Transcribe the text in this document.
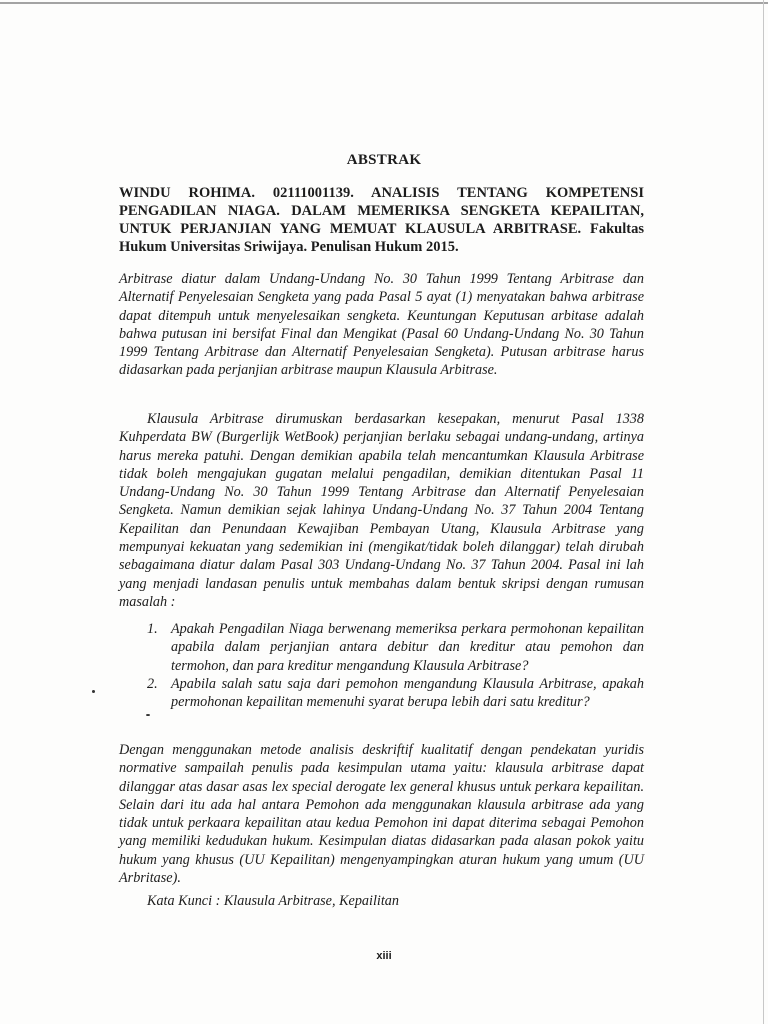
ABSTRAK
WINDU ROHIMA. 02111001139. ANALISIS TENTANG KOMPETENSI PENGADILAN NIAGA. DALAM MEMERIKSA SENGKETA KEPAILITAN, UNTUK PERJANJIAN YANG MEMUAT KLAUSULA ARBITRASE. Fakultas Hukum Universitas Sriwijaya. Penulisan Hukum 2015.

Arbitrase diatur dalam Undang-Undang No. 30 Tahun 1999 Tentang Arbitrase dan Alternatif Penyelesaian Sengketa yang pada Pasal 5 ayat (1) menyatakan bahwa arbitrase dapat ditempuh untuk menyelesaikan sengketa. Keuntungan Keputusan arbitase adalah bahwa putusan ini bersifat Final dan Mengikat (Pasal 60 Undang-Undang No. 30 Tahun 1999 Tentang Arbitrase dan Alternatif Penyelesaian Sengketa). Putusan arbitrase harus didasarkan pada perjanjian arbitrase maupun Klausula Arbitrase.

Klausula Arbitrase dirumuskan berdasarkan kesepakan, menurut Pasal 1338 Kuhperdata BW (Burgerlijk WetBook) perjanjian berlaku sebagai undang-undang, artinya harus mereka patuhi. Dengan demikian apabila telah mencantumkan Klausula Arbitrase tidak boleh mengajukan gugatan melalui pengadilan, demikian ditentukan Pasal 11 Undang-Undang No. 30 Tahun 1999 Tentang Arbitrase dan Alternatif Penyelesaian Sengketa. Namun demikian sejak lahinya Undang-Undang No. 37 Tahun 2004 Tentang Kepailitan dan Penundaan Kewajiban Pembayan Utang, Klausula Arbitrase yang mempunyai kekuatan yang sedemikian ini (mengikat/tidak boleh dilanggar) telah dirubah sebagaimana diatur dalam Pasal 303 Undang-Undang No. 37 Tahun 2004. Pasal ini lah yang menjadi landasan penulis untuk membahas dalam bentuk skripsi dengan rumusan masalah :

1. Apakah Pengadilan Niaga berwenang memeriksa perkara permohonan kepailitan apabila dalam perjanjian antara debitur dan kreditur atau pemohon dan termohon, dan para kreditur mengandung Klausula Arbitrase?
2. Apabila salah satu saja dari pemohon mengandung Klausula Arbitrase, apakah permohonan kepailitan memenuhi syarat berupa lebih dari satu kreditur?

Dengan menggunakan metode analisis deskriftif kualitatif dengan pendekatan yuridis normative sampailah penulis pada kesimpulan utama yaitu: klausula arbitrase dapat dilanggar atas dasar asas lex special derogate lex general khusus untuk perkara kepailitan. Selain dari itu ada hal antara Pemohon ada menggunakan klausula arbitrase ada yang tidak untuk perkaara kepailitan atau kedua Pemohon ini dapat diterima sebagai Pemohon yang memiliki kedudukan hukum. Kesimpulan diatas didasarkan pada alasan pokok yaitu hukum yang khusus (UU Kepailitan) mengenyampingkan aturan hukum yang umum (UU Arbritase).

Kata Kunci : Klausula Arbitrase, Kepailitan
xiii
